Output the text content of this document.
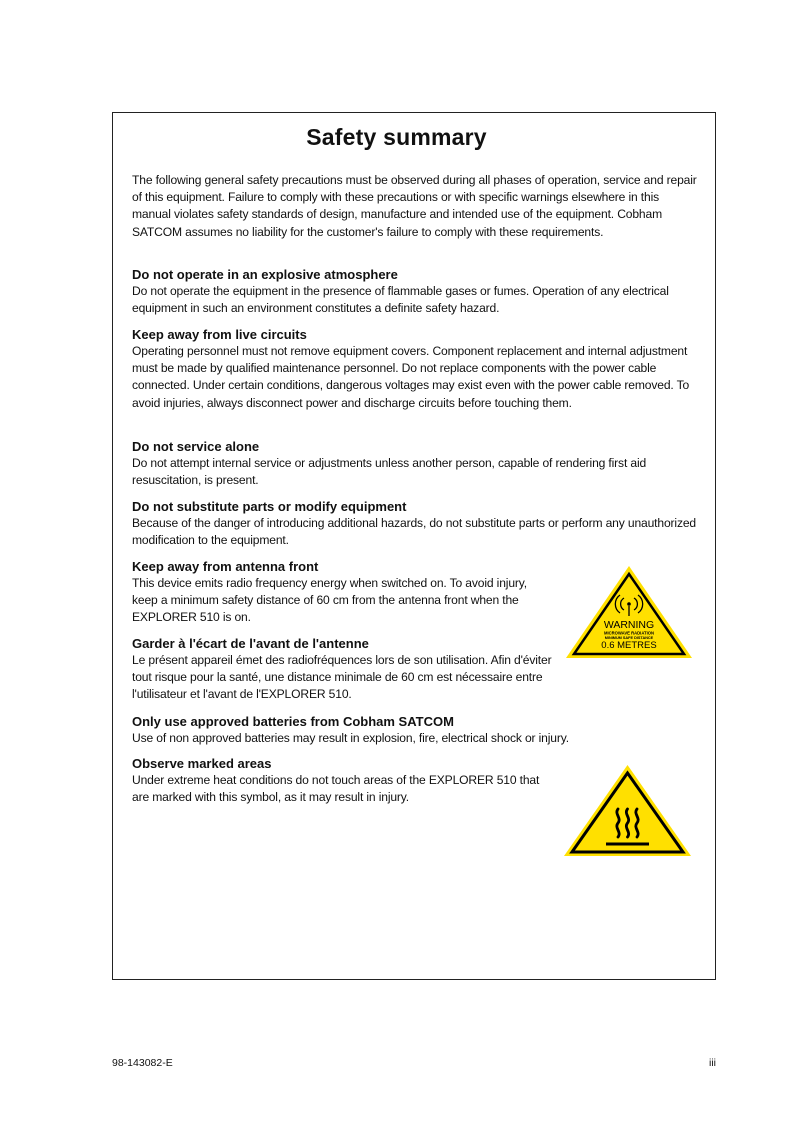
Safety summary

The following general safety precautions must be observed during all phases of operation, service and repair of this equipment. Failure to comply with these precautions or with specific warnings elsewhere in this manual violates safety standards of design, manufacture and intended use of the equipment. Cobham SATCOM assumes no liability for the customer's failure to comply with these requirements.

Do not operate in an explosive atmosphere

Do not operate the equipment in the presence of flammable gases or fumes. Operation of any electrical equipment in such an environment constitutes a definite safety hazard.

Keep away from live circuits

Operating personnel must not remove equipment covers. Component replacement and internal adjustment must be made by qualified maintenance personnel. Do not replace components with the power cable connected. Under certain conditions, dangerous voltages may exist even with the power cable removed. To avoid injuries, always disconnect power and discharge circuits before touching them.

Do not service alone

Do not attempt internal service or adjustments unless another person, capable of rendering first aid resuscitation, is present.

Do not substitute parts or modify equipment

Because of the danger of introducing additional hazards, do not substitute parts or perform any unauthorized modification to the equipment.

Keep away from antenna front

This device emits radio frequency energy when switched on. To avoid injury, keep a minimum safety distance of 60 cm from the antenna front when the EXPLORER 510 is on.

Garder à l'écart de l'avant de l'antenne

Le présent appareil émet des radiofréquences lors de son utilisation. Afin d'éviter tout risque pour la santé, une distance minimale de 60 cm est nécessaire entre l'utilisateur et l'avant de l'EXPLORER 510.

Only use approved batteries from Cobham SATCOM

Use of non approved batteries may result in explosion, fire, electrical shock or injury.

Observe marked areas

Under extreme heat conditions do not touch areas of the EXPLORER 510 that are marked with this symbol, as it may result in injury.

WARNING
MICROWAVE RADIATION
MINIMUM SAFE DISTANCE
0.6 METRES

98-143082-E	iii
